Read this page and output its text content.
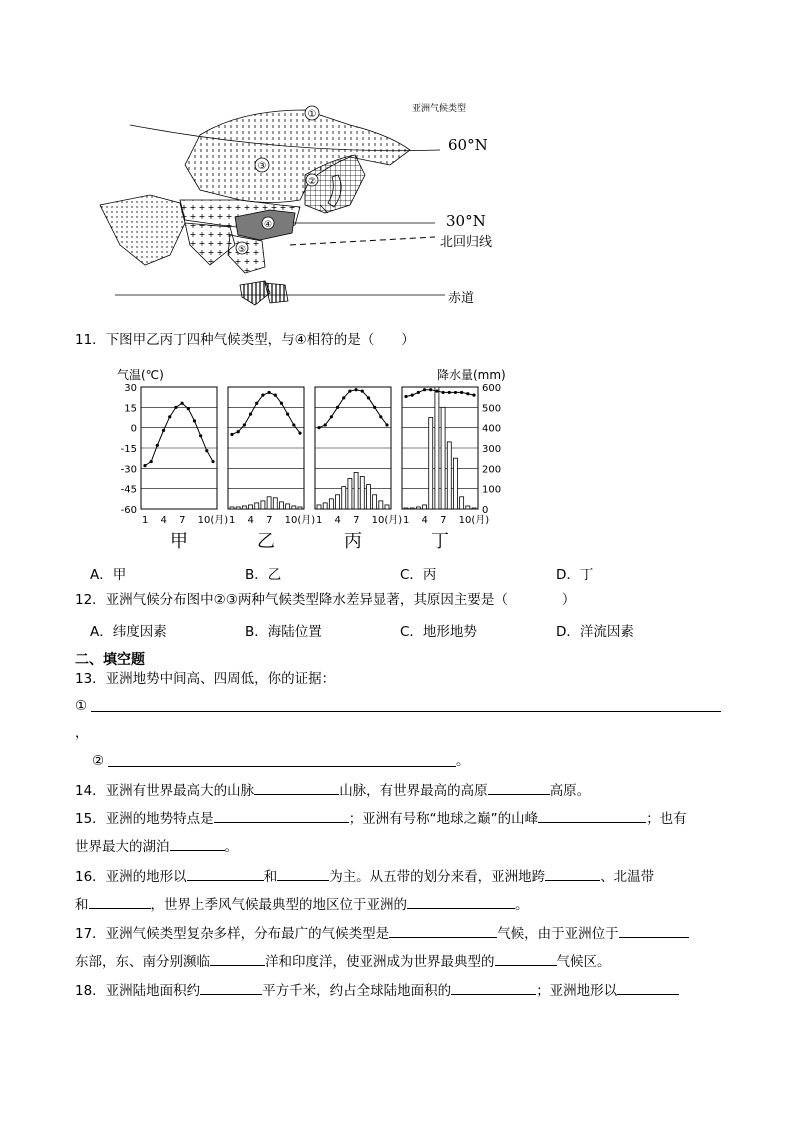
①
③
②
④
⑤
亚洲气候类型
60°N
30°N
北回归线
赤道
11．下图甲乙丙丁四种气候类型，与④相符的是（　　）
气温(℃)	降水量(mm)
30
15
0
-15
-30
-45
-60
600
500
400
300
200
100
0
1 4 7 10(月)
甲
1 4 7 10(月)
乙
1 4 7 10(月)
丙
1 4 7 10(月)
丁
A．甲	B．乙	C．丙	D．丁
12．亚洲气候分布图中②③两种气候类型降水差异显著，其原因主要是（　　　　）
A．纬度因素	B．海陆位置	C．地形地势	D．洋流因素
二、填空题
13．亚洲地势中间高、四周低，你的证据：
①
，
②	。
14．亚洲有世界最高大的山脉	山脉，有世界最高的高原	高原。
15．亚洲的地势特点是	；亚洲有号称“地球之巅”的山峰	；也有
世界最大的湖泊	。
16．亚洲的地形以	和	为主。从五带的划分来看，亚洲地跨	、北温带
和	，世界上季风气候最典型的地区位于亚洲的	。
17．亚洲气候类型复杂多样，分布最广的气候类型是	气候，由于亚洲位于
东部，东、南分别濒临	洋和印度洋，使亚洲成为世界最典型的	气候区。
18．亚洲陆地面积约	平方千米，约占全球陆地面积的	；亚洲地形以
